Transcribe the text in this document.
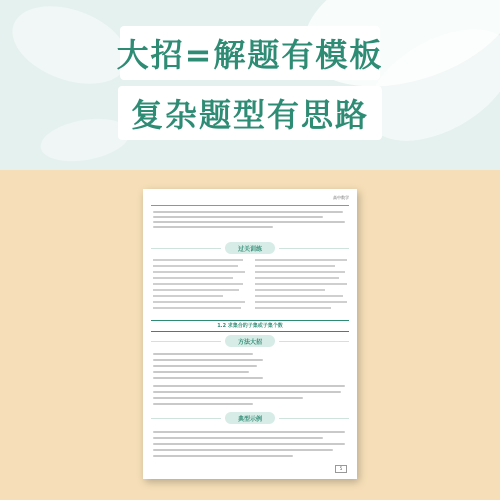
大招=解题有模板
复杂题型有思路
高中数学
过关训练
1.2 求集合的子集或子集个数
方法大招
典型示例
5
